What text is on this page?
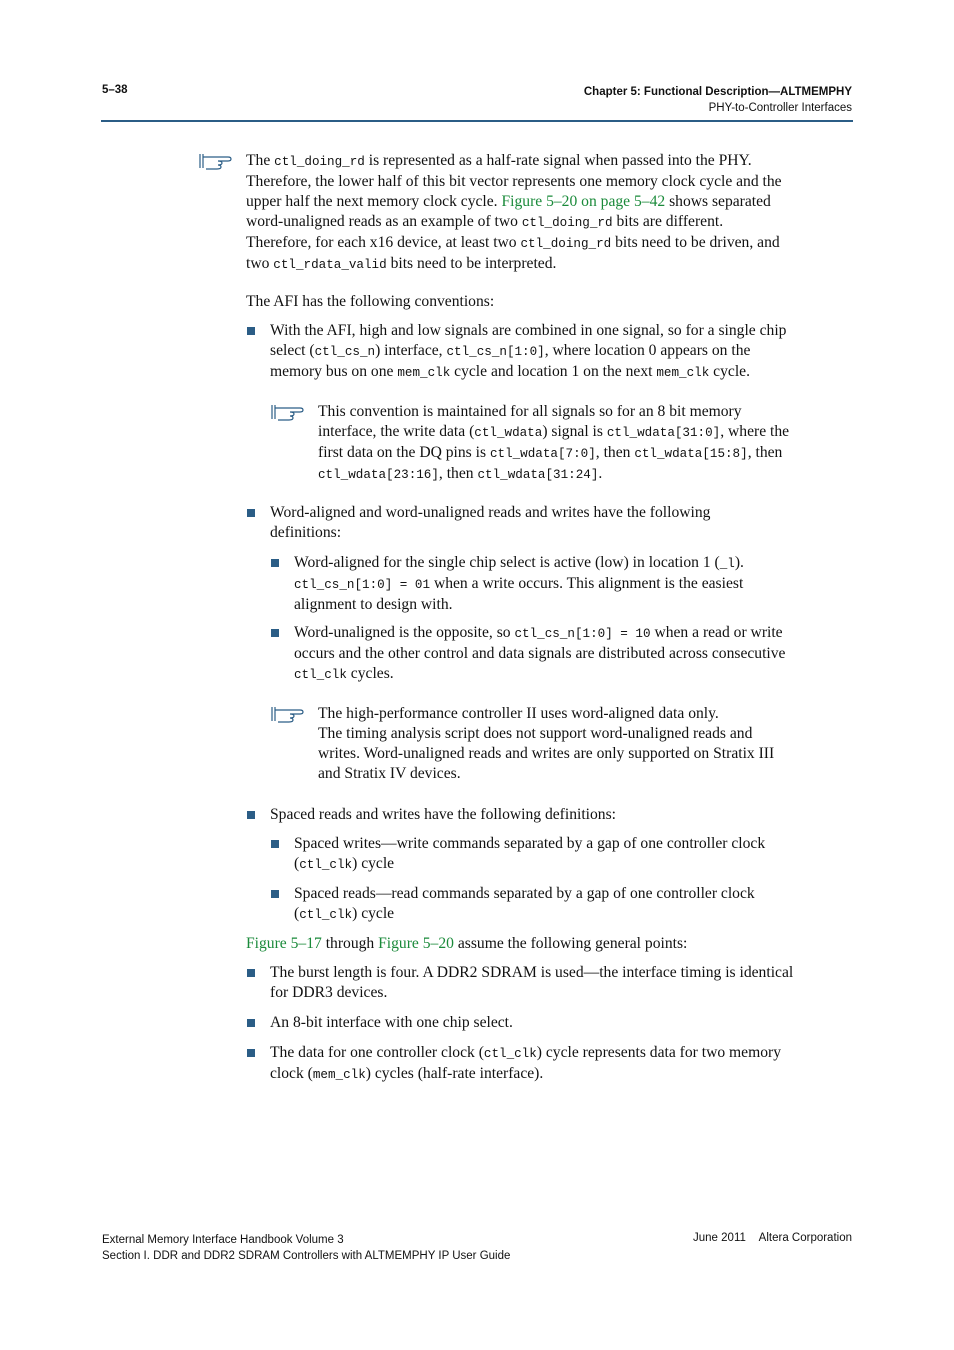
5–38	Chapter 5: Functional Description—ALTMEMPHY
PHY-to-Controller Interfaces
The ctl_doing_rd is represented as a half-rate signal when passed into the PHY.
Therefore, the lower half of this bit vector represents one memory clock cycle and the
upper half the next memory clock cycle. Figure 5–20 on page 5–42 shows separated
word-unaligned reads as an example of two ctl_doing_rd bits are different.
Therefore, for each x16 device, at least two ctl_doing_rd bits need to be driven, and
two ctl_rdata_valid bits need to be interpreted.
The AFI has the following conventions:
With the AFI, high and low signals are combined in one signal, so for a single chip
select (ctl_cs_n) interface, ctl_cs_n[1:0], where location 0 appears on the
memory bus on one mem_clk cycle and location 1 on the next mem_clk cycle.
This convention is maintained for all signals so for an 8 bit memory
interface, the write data (ctl_wdata) signal is ctl_wdata[31:0], where the
first data on the DQ pins is ctl_wdata[7:0], then ctl_wdata[15:8], then
ctl_wdata[23:16], then ctl_wdata[31:24].
Word-aligned and word-unaligned reads and writes have the following
definitions:
Word-aligned for the single chip select is active (low) in location 1 (_l).
ctl_cs_n[1:0] = 01 when a write occurs. This alignment is the easiest
alignment to design with.
Word-unaligned is the opposite, so ctl_cs_n[1:0] = 10 when a read or write
occurs and the other control and data signals are distributed across consecutive
ctl_clk cycles.
The high-performance controller II uses word-aligned data only.
The timing analysis script does not support word-unaligned reads and
writes. Word-unaligned reads and writes are only supported on Stratix III
and Stratix IV devices.
Spaced reads and writes have the following definitions:
Spaced writes—write commands separated by a gap of one controller clock
(ctl_clk) cycle
Spaced reads—read commands separated by a gap of one controller clock
(ctl_clk) cycle
Figure 5–17 through Figure 5–20 assume the following general points:
The burst length is four. A DDR2 SDRAM is used—the interface timing is identical
for DDR3 devices.
An 8-bit interface with one chip select.
The data for one controller clock (ctl_clk) cycle represents data for two memory
clock (mem_clk) cycles (half-rate interface).
External Memory Interface Handbook Volume 3
Section I. DDR and DDR2 SDRAM Controllers with ALTMEMPHY IP User Guide
June 2011 Altera Corporation
